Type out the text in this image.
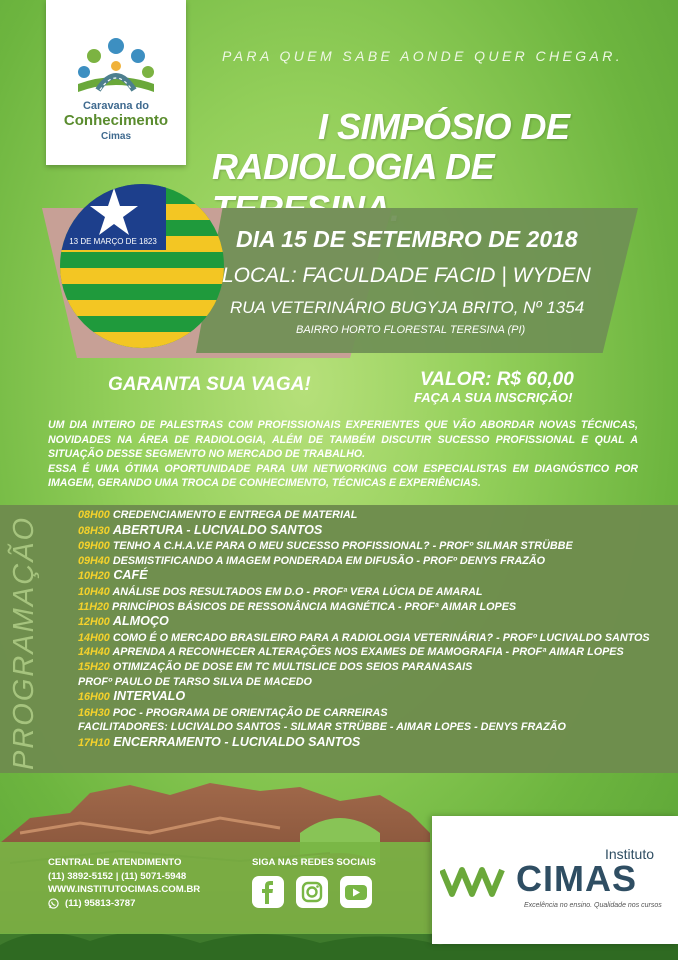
Caravana do
Conhecimento
Cimas
PARA QUEM SABE AONDE QUER CHEGAR.
I SIMPÓSIO DE
RADIOLOGIA DE
13 DE MARÇO DE 1823	DIA 15 DE SETEMBRO DE 2018
LOCAL: FACULDADE FACID | WYDEN
RUA VETERINÁRIO BUGYJA BRITO, Nº 1354
BAIRRO HORTO FLORESTAL TERESINA (PI)
GARANTA SUA VAGA!	VALOR: R$ 60,00
FAÇA A SUA INSCRIÇÃO!

UM DIA INTEIRO DE PALESTRAS COM PROFISSIONAIS EXPERIENTES QUE VÃO ABORDAR NOVAS TÉCNICAS, NOVIDADES NA ÁREA DE RADIOLOGIA, ALÉM DE TAMBÉM DISCUTIR SUCESSO PROFISSIONAL E QUAL A SITUAÇÃO DESSE SEGMENTO NO MERCADO DE TRABALHO.

ESSA É UMA ÓTIMA OPORTUNIDADE PARA UM NETWORKING COM ESPECIALISTAS EM DIAGNÓSTICO POR IMAGEM, GERANDO UMA TROCA DE CONHECIMENTO, TÉCNICAS E EXPERIÊNCIAS.

PROGRAMAÇÃO
08H00 CREDENCIAMENTO E ENTREGA DE MATERIAL
08H30 ABERTURA - LUCIVALDO SANTOS
09H00 TENHO A C.H.A.V.E PARA O MEU SUCESSO PROFISSIONAL? - PROFº SILMAR STRÜBBE
09H40 DESMISTIFICANDO A IMAGEM PONDERADA EM DIFUSÃO - PROFº DENYS FRAZÃO
10H20 CAFÉ
10H40 ANÁLISE DOS RESULTADOS EM D.O - PROFª VERA LÚCIA DE AMARAL
11H20 PRINCÍPIOS BÁSICOS DE RESSONÂNCIA MAGNÉTICA - PROFª AIMAR LOPES
12H00 ALMOÇO
14H00 COMO É O MERCADO BRASILEIRO PARA A RADIOLOGIA VETERINÁRIA? - PROFº LUCIVALDO SANTOS
14H40 APRENDA A RECONHECER ALTERAÇÕES NOS EXAMES DE MAMOGRAFIA - PROFª AIMAR LOPES
15H20 OTIMIZAÇÃO DE DOSE EM TC MULTISLICE DOS SEIOS PARANASAIS
PROFº PAULO DE TARSO SILVA DE MACEDO
16H00 INTERVALO
16H30 POC - PROGRAMA DE ORIENTAÇÃO DE CARREIRAS
FACILITADORES: LUCIVALDO SANTOS - SILMAR STRÜBBE - AIMAR LOPES - DENYS FRAZÃO
17H10 ENCERRAMENTO - LUCIVALDO SANTOS
CENTRAL DE ATENDIMENTO
(11) 3892-5152 | (11) 5071-5948
WWW.INSTITUTOCIMAS.COM.BR
(11) 95813-3787
SIGA NAS REDES SOCIAIS
Instituto
CIMAS
Excelência no ensino. Qualidade nos cursos
